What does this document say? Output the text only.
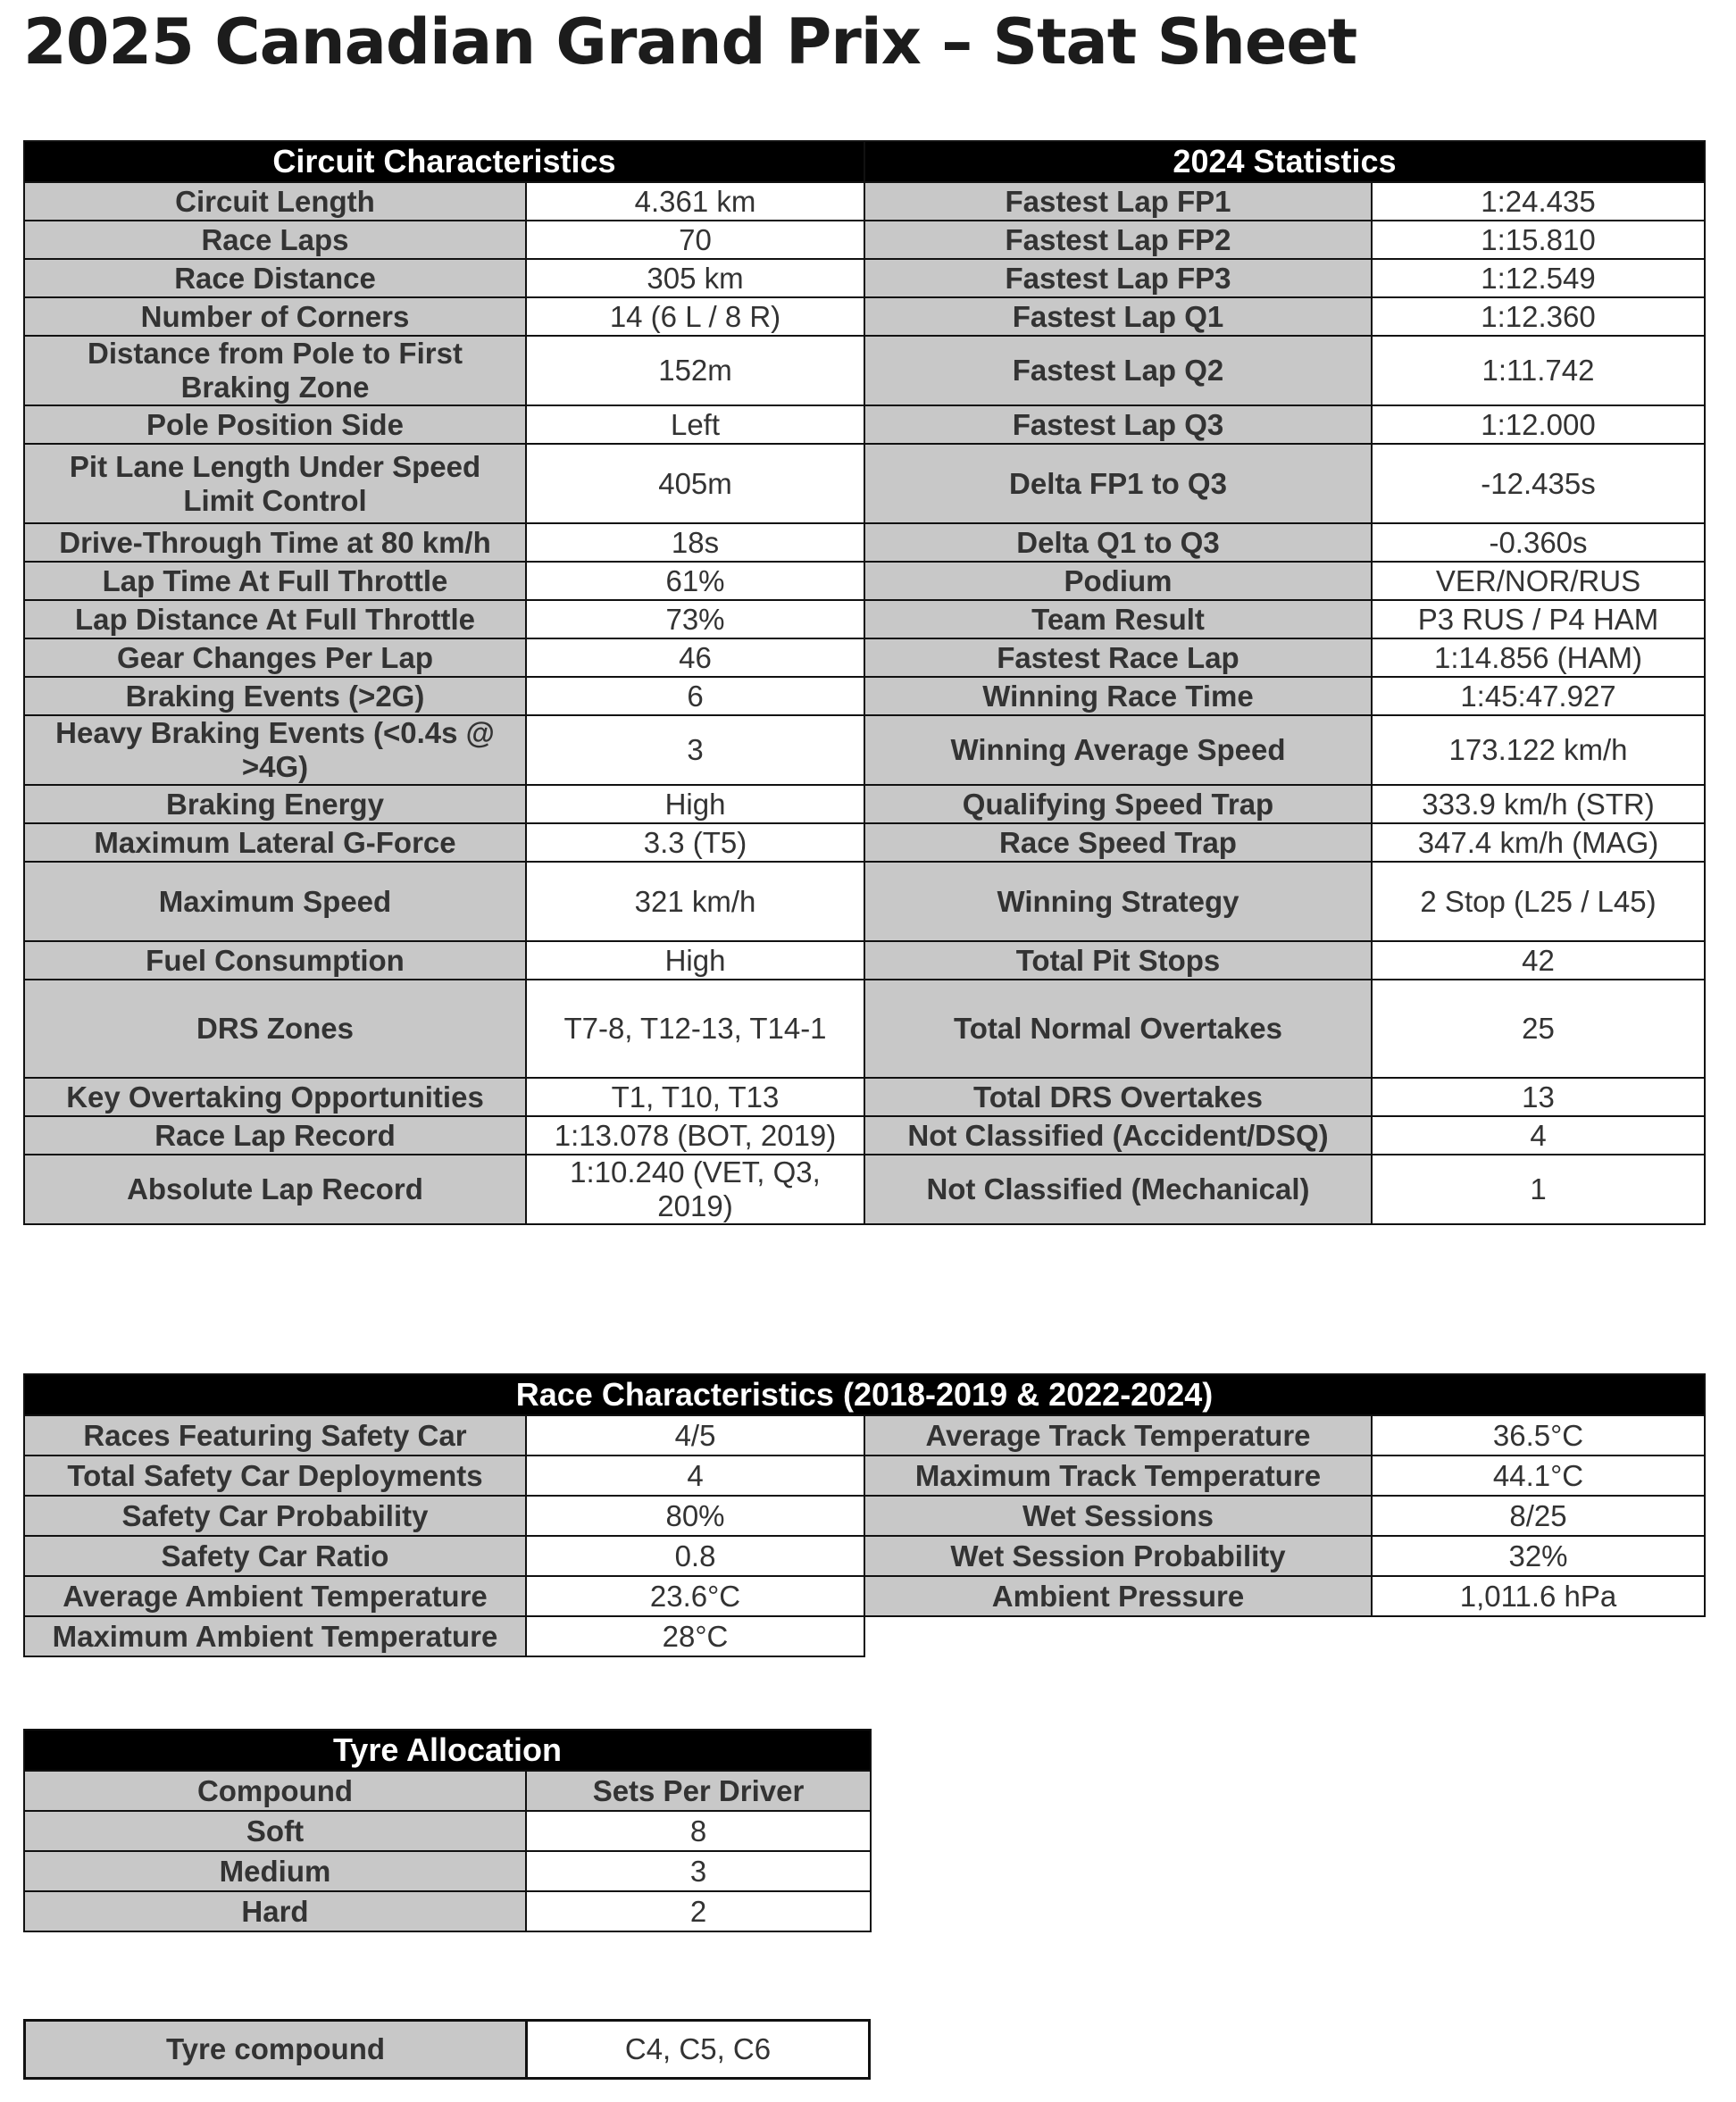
2025 Canadian Grand Prix – Stat Sheet
Circuit Characteristics		2024 Statistics	
Circuit Length	4.361 km	Fastest Lap FP1	1:24.435
Race Laps	70	Fastest Lap FP2	1:15.810
Race Distance	305 km	Fastest Lap FP3	1:12.549
Number of Corners	14 (6 L / 8 R)	Fastest Lap Q1	1:12.360
Distance from Pole to First Braking Zone	152m	Fastest Lap Q2	1:11.742
Pole Position Side	Left	Fastest Lap Q3	1:12.000
Pit Lane Length Under Speed Limit Control	405m	Delta FP1 to Q3	-12.435s
Drive-Through Time at 80 km/h	18s	Delta Q1 to Q3	-0.360s
Lap Time At Full Throttle	61%	Podium	VER/NOR/RUS
Lap Distance At Full Throttle	73%	Team Result	P3 RUS / P4 HAM
Gear Changes Per Lap	46	Fastest Race Lap	1:14.856 (HAM)
Braking Events (>2G)	6	Winning Race Time	1:45:47.927
Heavy Braking Events (<0.4s @ >4G)	3	Winning Average Speed	173.122 km/h
Braking Energy	High	Qualifying Speed Trap	333.9 km/h (STR)
Maximum Lateral G-Force	3.3 (T5)	Race Speed Trap	347.4 km/h (MAG)
Maximum Speed	321 km/h	Winning Strategy	2 Stop (L25 / L45)
Fuel Consumption	High	Total Pit Stops	42
DRS Zones	T7-8, T12-13, T14-1	Total Normal Overtakes	25
Key Overtaking Opportunities	T1, T10, T13	Total DRS Overtakes	13
Race Lap Record	1:13.078 (BOT, 2019)	Not Classified (Accident/DSQ)	4
Absolute Lap Record	1:10.240 (VET, Q3, 2019)	Not Classified (Mechanical)	1
Race Characteristics (2018-2019 & 2022-2024)			
Races Featuring Safety Car	4/5	Average Track Temperature	36.5°C
Total Safety Car Deployments	4	Maximum Track Temperature	44.1°C
Safety Car Probability	80%	Wet Sessions	8/25
Safety Car Ratio	0.8	Wet Session Probability	32%
Average Ambient Temperature	23.6°C	Ambient Pressure	1,011.6 hPa
Maximum Ambient Temperature	28°C		
Tyre Allocation	
Compound	Sets Per Driver
Soft	8
Medium	3
Hard	2
Tyre compound	C4, C5, C6
